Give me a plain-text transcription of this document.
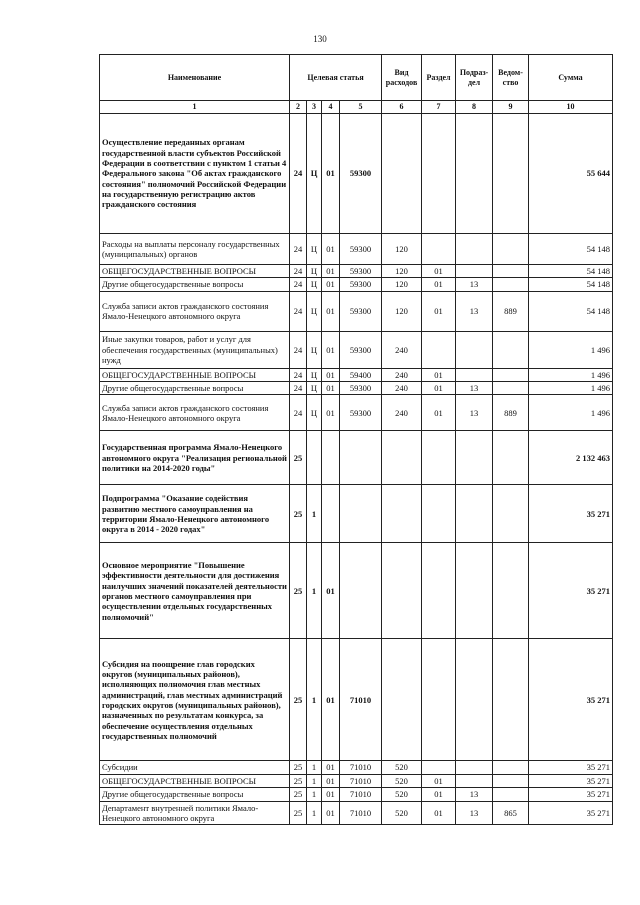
130
Наименование	Целевая статья				Вид расходов	Раздел	Подраз-дел	Ведом-ство	Сумма
1	2	3	4	5	6	7	8	9	10
Осуществление переданных органам государственной власти субъектов Российской Федерации в соответствии с пунктом 1 статьи 4 Федерального закона "Об актах гражданского состояния" полномочий Российской Федерации на государственную регистрацию актов гражданского состояния	24	Ц	01	59300					55 644
Расходы на выплаты персоналу государственных (муниципальных) органов	24	Ц	01	59300	120				54 148
ОБЩЕГОСУДАРСТВЕННЫЕ ВОПРОСЫ	24	Ц	01	59300	120	01			54 148
Другие общегосударственные вопросы	24	Ц	01	59300	120	01	13		54 148
Служба записи актов гражданского состояния Ямало-Ненецкого автономного округа	24	Ц	01	59300	120	01	13	889	54 148
Иные закупки товаров, работ и услуг для обеспечения государственных (муниципальных) нужд	24	Ц	01	59300	240				1 496
ОБЩЕГОСУДАРСТВЕННЫЕ ВОПРОСЫ	24	Ц	01	59400	240	01			1 496
Другие общегосударственные вопросы	24	Ц	01	59300	240	01	13		1 496
Служба записи актов гражданского состояния Ямало-Ненецкого автономного округа	24	Ц	01	59300	240	01	13	889	1 496
Государственная программа Ямало-Ненецкого автономного округа "Реализация региональной политики на 2014-2020 годы"	25								2 132 463
Подпрограмма "Оказание содействия развитию местного самоуправления на территории Ямало-Ненецкого автономного округа в 2014 - 2020 годах"	25	1							35 271
Основное мероприятие "Повышение эффективности деятельности для достижения наилучших значений показателей деятельности органов местного самоуправления при осуществлении отдельных государственных полномочий"	25	1	01						35 271
Субсидия на поощрение глав городских округов (муниципальных районов), исполняющих полномочия глав местных администраций, глав местных администраций городских округов (муниципальных районов), назначенных по результатам конкурса, за обеспечение осуществления отдельных государственных полномочий	25	1	01	71010					35 271
Субсидии	25	1	01	71010	520				35 271
ОБЩЕГОСУДАРСТВЕННЫЕ ВОПРОСЫ	25	1	01	71010	520	01			35 271
Другие общегосударственные вопросы	25	1	01	71010	520	01	13		35 271
Департамент внутренней политики Ямало-Ненецкого автономного округа	25	1	01	71010	520	01	13	865	35 271
